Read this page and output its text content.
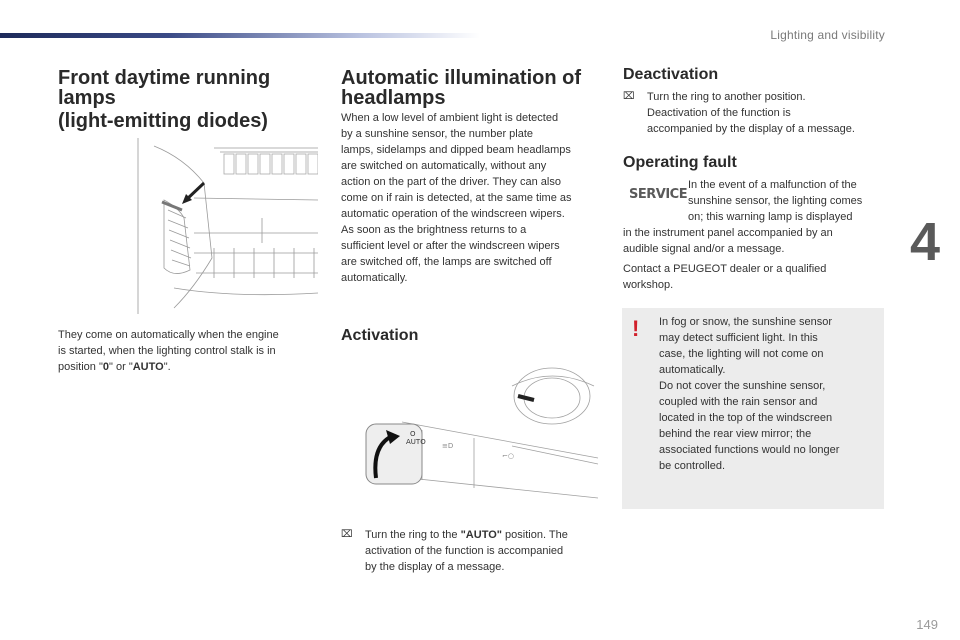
Lighting and visibility
Front daytime running
lamps
(light-emitting diodes)
They come on automatically when the engine
is started, when the lighting control stalk is in
position "0" or "AUTO".
Automatic illumination of
headlamps
When a low level of ambient light is detected
by a sunshine sensor, the number plate
lamps, sidelamps and dipped beam headlamps
are switched on automatically, without any
action on the part of the driver. They can also
come on if rain is detected, at the same time as
automatic operation of the windscreen wipers.
As soon as the brightness returns to a
sufficient level or after the windscreen wipers
are switched off, the lamps are switched off
automatically.
Activation
AUTO
O
≡D
⌐○
⌧ Turn the ring to the "AUTO" position. The
activation of the function is accompanied
by the display of a message.
Deactivation
⌧ Turn the ring to another position.
Deactivation of the function is
accompanied by the display of a message.
Operating fault
SERVICE
In the event of a malfunction of the
sunshine sensor, the lighting comes
on; this warning lamp is displayed
in the instrument panel accompanied by an
audible signal and/or a message.
Contact a PEUGEOT dealer or a qualified
workshop.
4
! In fog or snow, the sunshine sensor
may detect sufficient light. In this
case, the lighting will not come on
automatically.
Do not cover the sunshine sensor,
coupled with the rain sensor and
located in the top of the windscreen
behind the rear view mirror; the
associated functions would no longer
be controlled.
149
